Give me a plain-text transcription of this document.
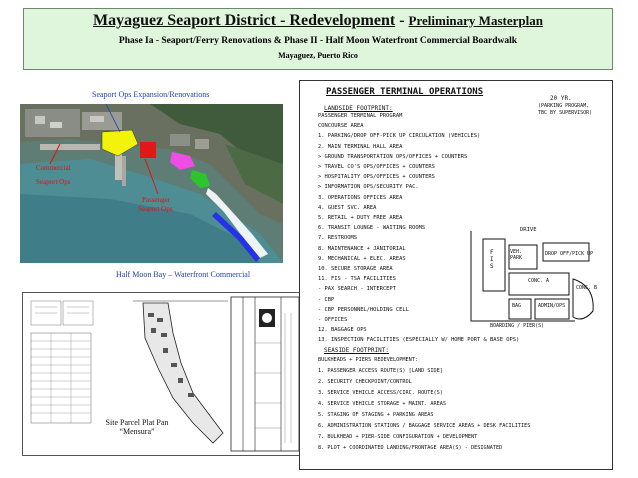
Mayaguez Seaport District - Redevelopment - Preliminary Masterplan
Phase Ia - Seaport/Ferry Renovations & Phase II - Half Moon Waterfront Commercial Boardwalk
Mayaguez, Puerto Rico
Seaport Ops Expansion/Renovations
Commercial
Seaport Ops
Passenger
Seaport Ops
Half Moon Bay – Waterfront Commercial
Site Parcel Plat Pan
“Mensura”
PASSENGER TERMINAL OPERATIONS
20 YR.
(PARKING PROGRAM,
TBC BY SUPERVISOR)
LANDSIDE FOOTPRINT:
PASSENGER TERMINAL PROGRAM
CONCOURSE AREA
1. PARKING/DROP OFF-PICK UP CIRCULATION (VEHICLES)
2. MAIN TERMINAL HALL AREA
> GROUND TRANSPORTATION OPS/OFFICES + COUNTERS
> TRAVEL CO'S OPS/OFFICES + COUNTERS
> HOSPITALITY OPS/OFFICES + COUNTERS
> INFORMATION OPS/SECURITY PAC.
3. OPERATIONS OFFICES AREA
4. GUEST SVC. AREA
5. RETAIL + DUTY FREE AREA
6. TRANSIT LOUNGE - WAITING ROOMS
7. RESTROOMS
8. MAINTENANCE + JANITORIAL
9. MECHANICAL + ELEC. AREAS
10. SECURE STORAGE AREA
11. FIS - TSA FACILITIES
- PAX SEARCH - INTERCEPT
- CBP
- CBP PERSONNEL/HOLDING CELL
- OFFICES
12. BAGGAGE OPS
13. INSPECTION FACILITIES (ESPECIALLY W/ HOME PORT & BASE OPS)
DRIVE
VEH. PARK
DROP OFF/PICK UP
F I S
CONC. A
CONC. B
BAG	ADMIN/OPS
BOARDING / PIER(S)
SEASIDE FOOTPRINT:
BULKHEADS + PIERS REDEVELOPMENT:
1. PASSENGER ACCESS ROUTE(S) [LAND SIDE]
2. SECURITY CHECKPOINT/CONTROL
3. SERVICE VEHICLE ACCESS/CIRC. ROUTE(S)
4. SERVICE VEHICLE STORAGE + MAINT. AREAS
5. STAGING OF STAGING + PARKING AREAS
6. ADMINISTRATION STATIONS / BAGGAGE SERVICE AREAS + DESK FACILITIES
7. BULKHEAD + PIER-SIDE CONFIGURATION + DEVELOPMENT
8. PLOT + COORDINATED LANDING/FRONTAGE AREA(S) - DESIGNATED
